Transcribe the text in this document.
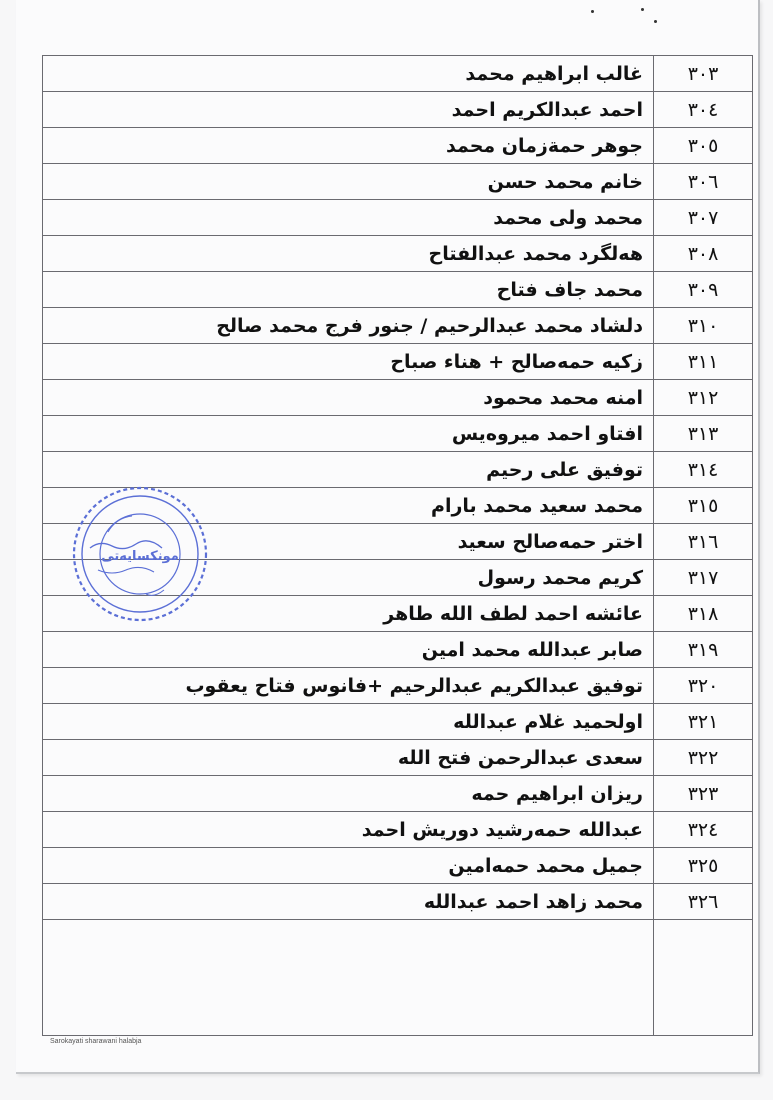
٣٠٣	غالب ابراهيم محمد
٣٠٤	احمد عبدالكريم احمد
٣٠٥	جوهر حمةزمان محمد
٣٠٦	خانم محمد حسن
٣٠٧	محمد ولى محمد
٣٠٨	هەلگرد محمد عبدالفتاح
٣٠٩	محمد جاف فتاح
٣١٠	دلشاد محمد عبدالرحيم / جنور فرج محمد صالح
٣١١	زكيه حمەصالح + هناء صباح
٣١٢	امنه محمد محمود
٣١٣	افتاو احمد ميروەيس
٣١٤	توفيق على رحيم
٣١٥	محمد سعيد محمد بارام
٣١٦	اختر حمەصالح سعيد
٣١٧	كريم محمد رسول
٣١٨	عائشه احمد لطف الله طاهر
٣١٩	صابر عبدالله محمد امين
٣٢٠	توفيق عبدالكريم عبدالرحيم +فانوس فتاح يعقوب
٣٢١	اولحميد غلام عبدالله
٣٢٢	سعدى عبدالرحمن فتح الله
٣٢٣	ريزان ابراهيم حمه
٣٢٤	عبدالله حمەرشيد دوريش احمد
٣٢٥	جميل محمد حمەامين
٣٢٦	محمد زاهد احمد عبدالله

مونکسایەتی
Sarokayati sharawani halabja
